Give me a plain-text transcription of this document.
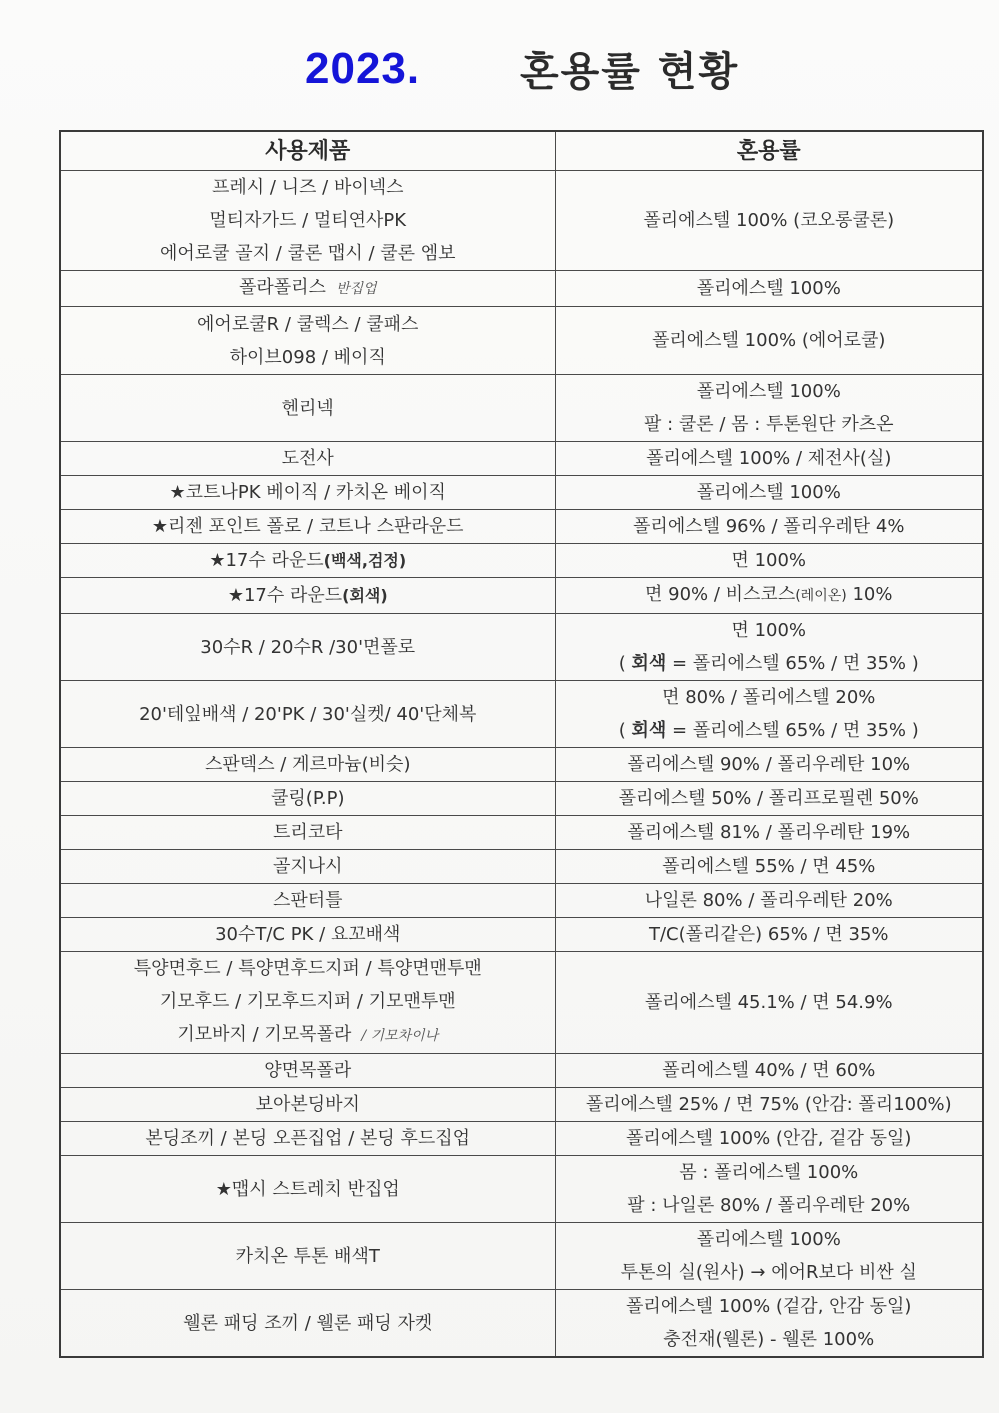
2023. 혼용률 현황
사용제품	혼용률

프레시 / 니즈 / 바이넥스
멀티자가드 / 멀티연사PK
에어로쿨 골지 / 쿨론 맵시 / 쿨론 엠보	폴리에스텔 100% (코오롱쿨론)

폴라폴리스 반집업	폴리에스텔 100%

에어로쿨R / 쿨렉스 / 쿨패스
하이브098 / 베이직	폴리에스텔 100% (에어로쿨)

헨리넥	폴리에스텔 100%
팔 : 쿨론 / 몸 : 투톤원단 카츠온

도전사	폴리에스텔 100% / 제전사(실)

★코트나PK 베이직 / 카치온 베이직	폴리에스텔 100%

★리젠 포인트 폴로 / 코트나 스판라운드	폴리에스텔 96% / 폴리우레탄 4%

★17수 라운드(백색,검정)	면 100%

★17수 라운드(회색)	면 90% / 비스코스(레이온) 10%

30수R / 20수R /30'면폴로	면 100%
( 회색 = 폴리에스텔 65% / 면 35% )

20'테잎배색 / 20'PK / 30'실켓/ 40'단체복	면 80% / 폴리에스텔 20%
( 회색 = 폴리에스텔 65% / 면 35% )

스판덱스 / 게르마늄(비슷)	폴리에스텔 90% / 폴리우레탄 10%
쿨링(P.P)	폴리에스텔 50% / 폴리프로필렌 50%
트리코타	폴리에스텔 81% / 폴리우레탄 19%
골지나시	폴리에스텔 55% / 면 45%
스판터틀	나일론 80% / 폴리우레탄 20%
30수T/C PK / 요꼬배색	T/C(폴리같은) 65% / 면 35%

특양면후드 / 특양면후드지퍼 / 특양면맨투맨
기모후드 / 기모후드지퍼 / 기모맨투맨
기모바지 / 기모목폴라 / 기모차이나	폴리에스텔 45.1% / 면 54.9%

양면목폴라	폴리에스텔 40% / 면 60%
보아본딩바지	폴리에스텔 25% / 면 75% (안감: 폴리100%)
본딩조끼 / 본딩 오픈집업 / 본딩 후드집업	폴리에스텔 100% (안감, 겉감 동일)
★맵시 스트레치 반집업	몸 : 폴리에스텔 100%
팔 : 나일론 80% / 폴리우레탄 20%

카치온 투톤 배색T	폴리에스텔 100%
투톤의 실(원사) → 에어R보다 비싼 실

웰론 패딩 조끼 / 웰론 패딩 자켓	폴리에스텔 100% (겉감, 안감 동일)
충전재(웰론) - 웰론 100%
